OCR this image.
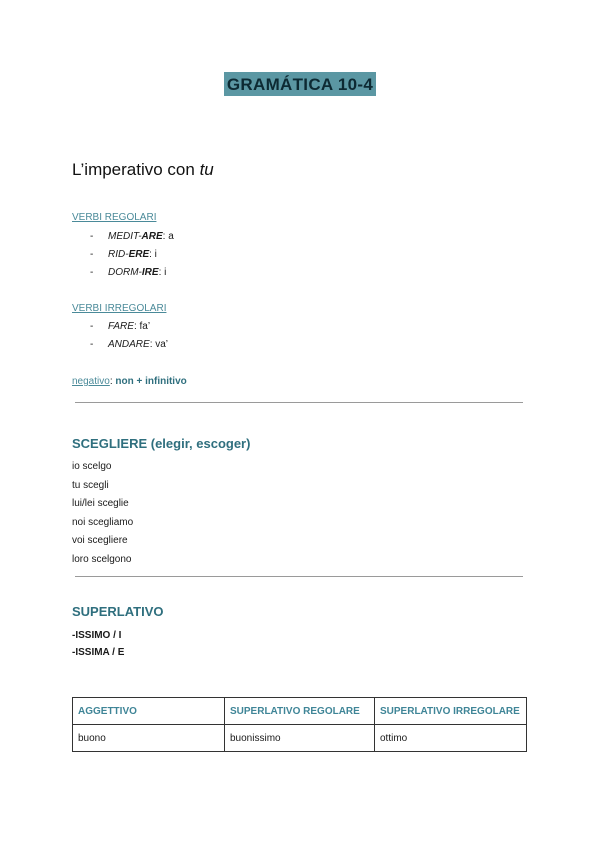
GRAMÁTICA 10-4
L’imperativo con tu
VERBI REGOLARI
- MEDIT-ARE: a
- RID-ERE: i
- DORM-IRE: i
VERBI IRREGOLARI
- FARE: fa’
- ANDARE: va’
negativo: non + infinitivo
SCEGLIERE (elegir, escoger)
io scelgo
tu scegli
lui/lei sceglie
noi scegliamo
voi scegliere
loro scelgono
SUPERLATIVO
-ISSIMO / I
-ISSIMA / E
AGGETTIVO	SUPERLATIVO REGOLARE	SUPERLATIVO IRREGOLARE
buono	buonissimo	ottimo
